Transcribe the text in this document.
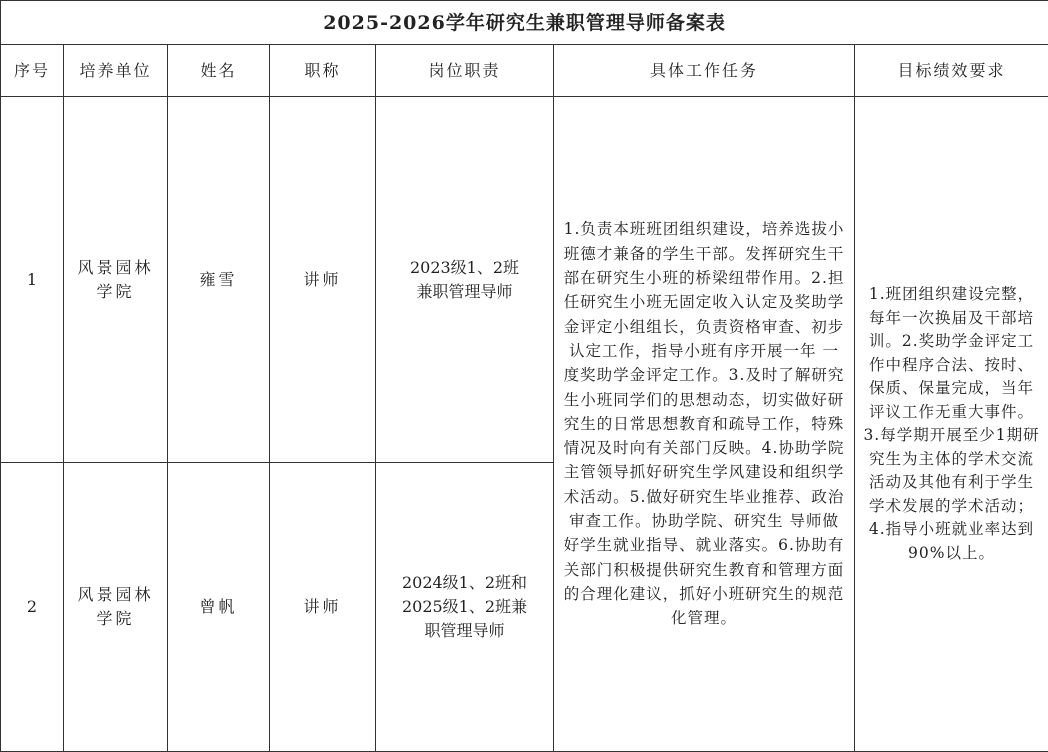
2025-2026学年研究生兼职管理导师备案表						
序号	培养单位	姓名	职称	岗位职责	具体工作任务	目标绩效要求
1	风景园林学院	雍雪	讲师	2023级1、2班兼职管理导师	1.负责本班班团组织建设，培养选拔小班德才兼备的学生干部。发挥研究生干部在研究生小班的桥梁纽带作用。2.担任研究生小班无固定收入认定及奖助学金评定小组组长，负责资格审查、初步认定工作，指导小班有序开展一年 一度奖助学金评定工作。3.及时了解研究生小班同学们的思想动态，切实做好研究生的日常思想教育和疏导工作，特殊情况及时向有关部门反映。4.协助学院主管领导抓好研究生学风建设和组织学术活动。5.做好研究生毕业推荐、政治审查工作。协助学院、研究生 导师做好学生就业指导、就业落实。6.协助有关部门积极提供研究生教育和管理方面的合理化建议，抓好小班研究生的规范化管理。	1.班团组织建设完整，每年一次换届及干部培训。2.奖助学金评定工作中程序合法、按时、保质、保量完成，当年评议工作无重大事件。3.每学期开展至少1期研究生为主体的学术交流活动及其他有利于学生学术发展的学术活动；4.指导小班就业率达到 90%以上。
2	风景园林学院	曾帆	讲师	2024级1、2班和2025级1、2班兼职管理导师		
